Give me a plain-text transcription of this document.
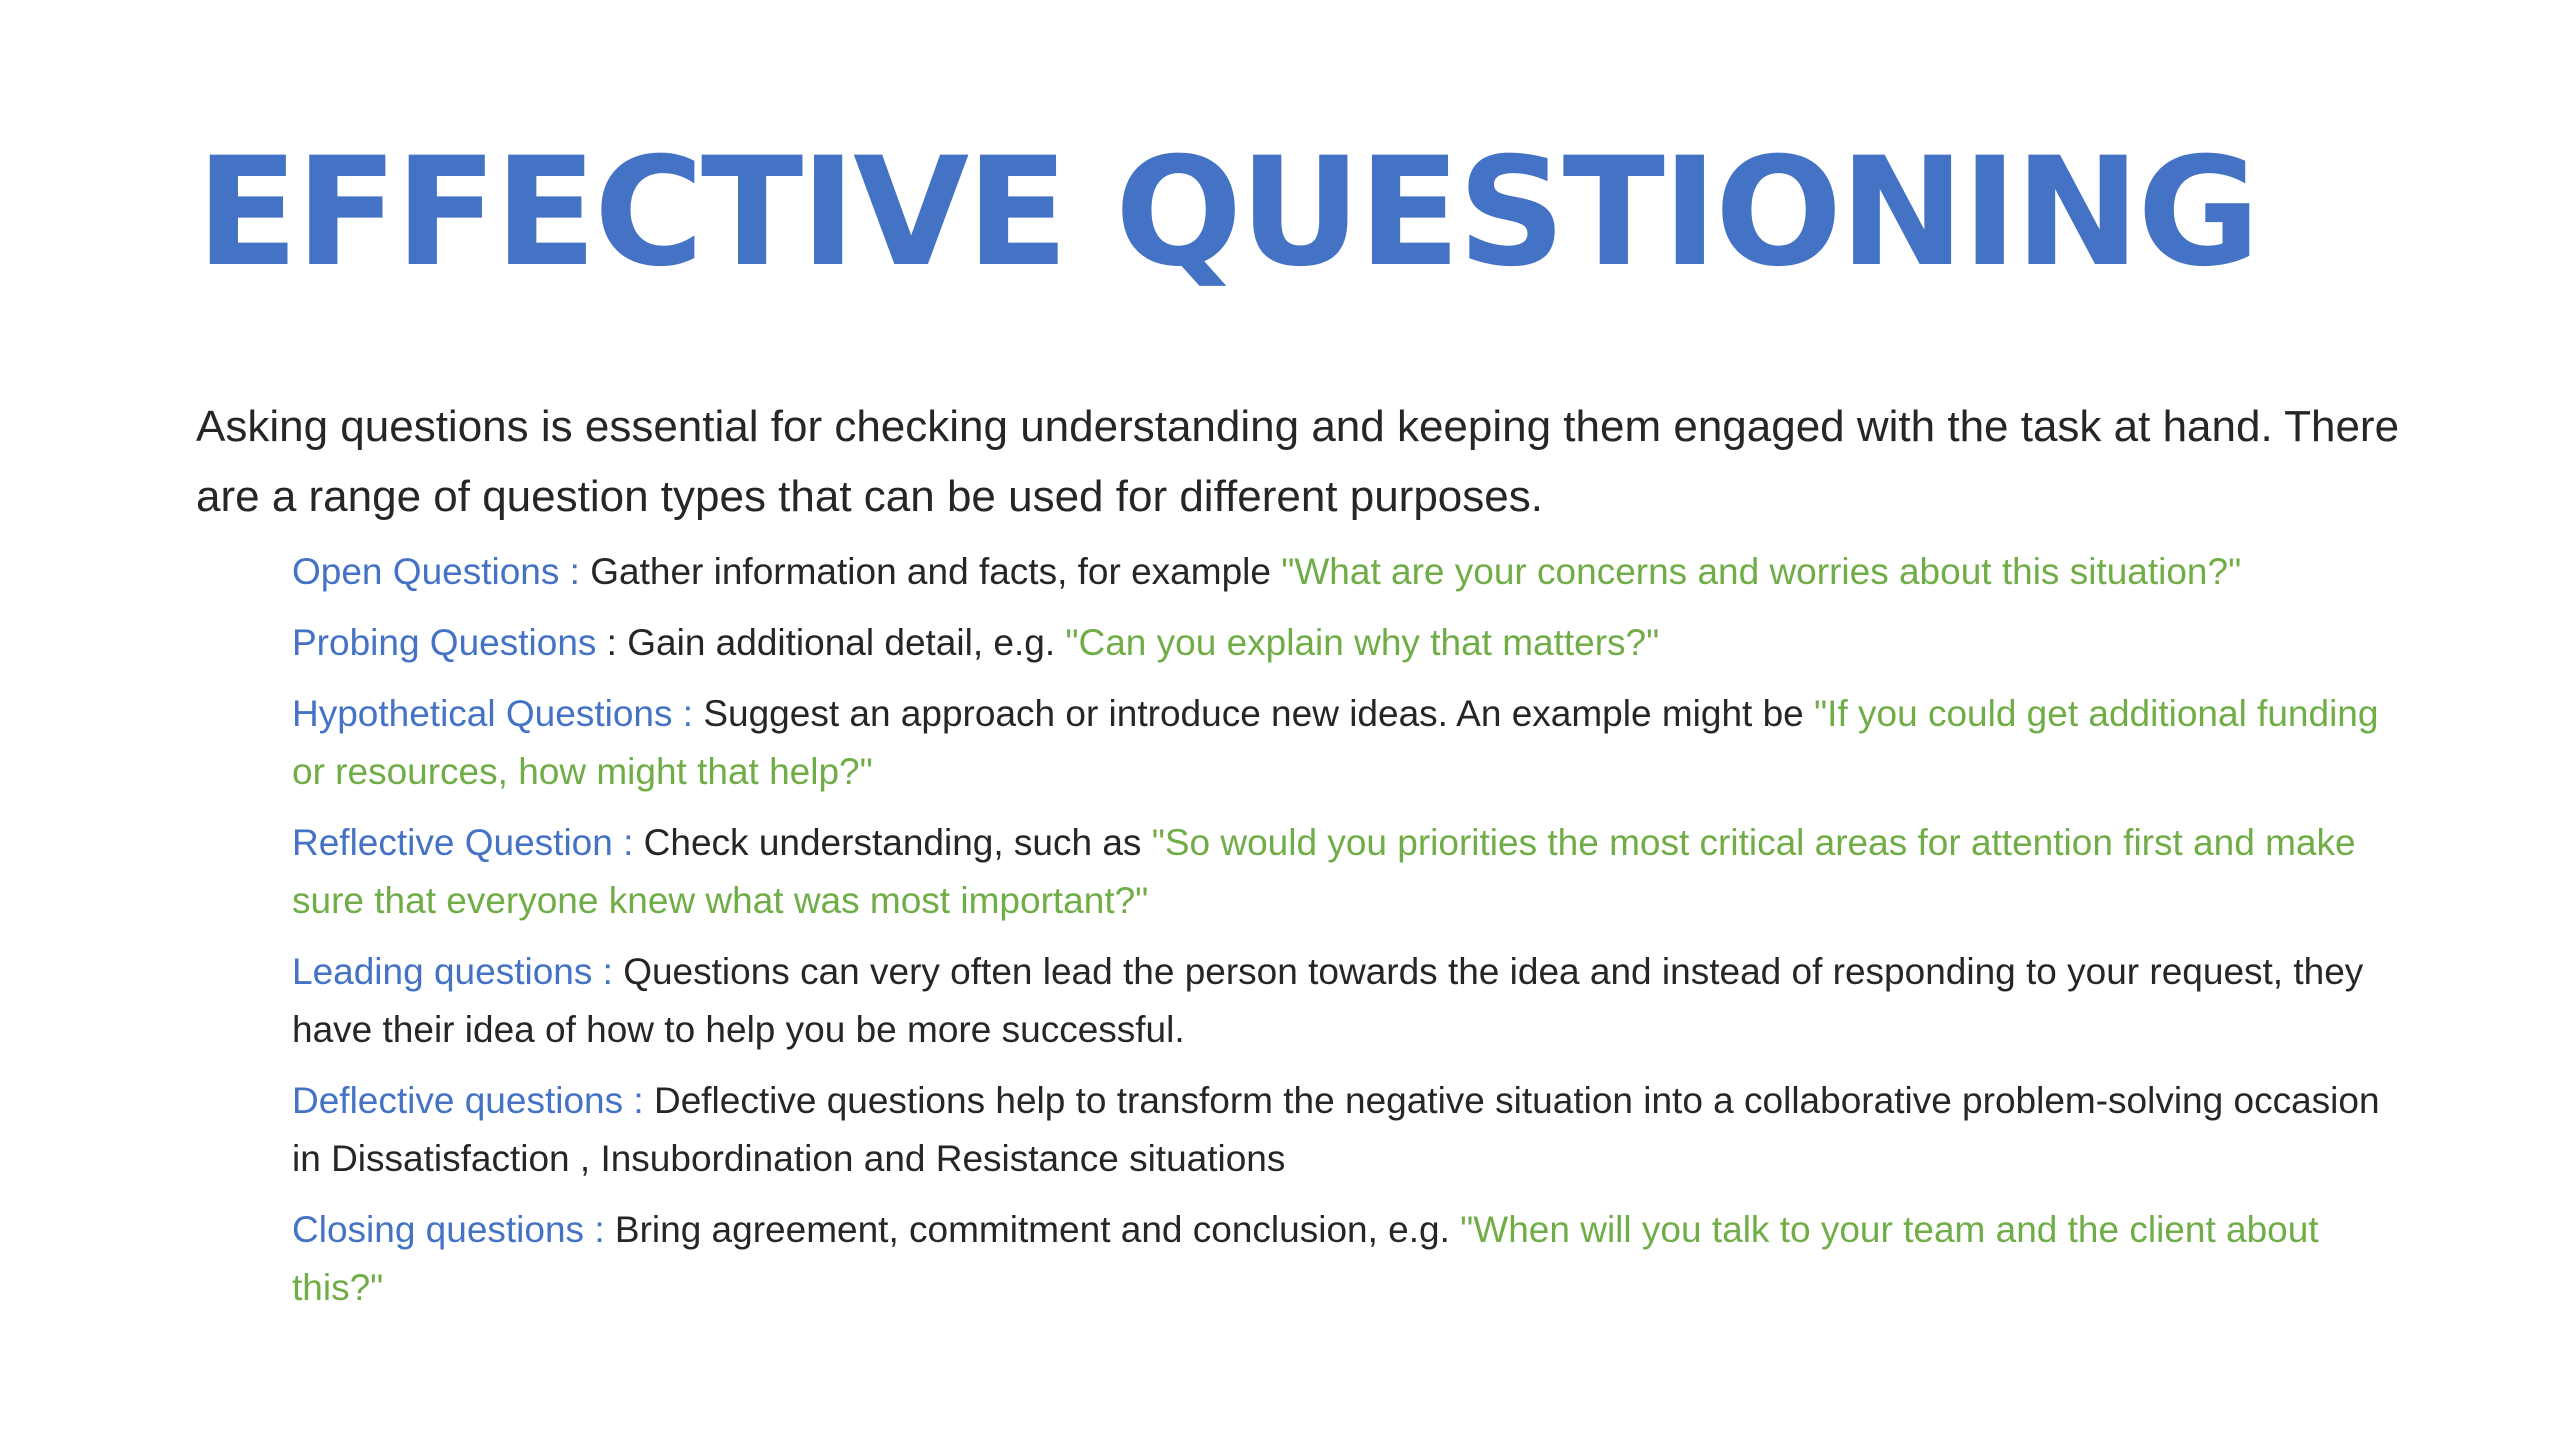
EFFECTIVE QUESTIONING

Asking questions is essential for checking understanding and keeping them engaged with the task at hand. There are a range of question types that can be used for different purposes.

Open Questions : Gather information and facts, for example "What are your concerns and worries about this situation?"
Probing Questions : Gain additional detail, e.g. "Can you explain why that matters?"
Hypothetical Questions : Suggest an approach or introduce new ideas. An example might be "If you could get additional funding or resources, how might that help?"
Reflective Question : Check understanding, such as "So would you priorities the most critical areas for attention first and make sure that everyone knew what was most important?"
Leading questions : Questions can very often lead the person towards the idea and instead of responding to your request, they have their idea of how to help you be more successful.
Deflective questions : Deflective questions help to transform the negative situation into a collaborative problem-solving occasion in Dissatisfaction , Insubordination and Resistance situations
Closing questions : Bring agreement, commitment and conclusion, e.g. "When will you talk to your team and the client about this?"
